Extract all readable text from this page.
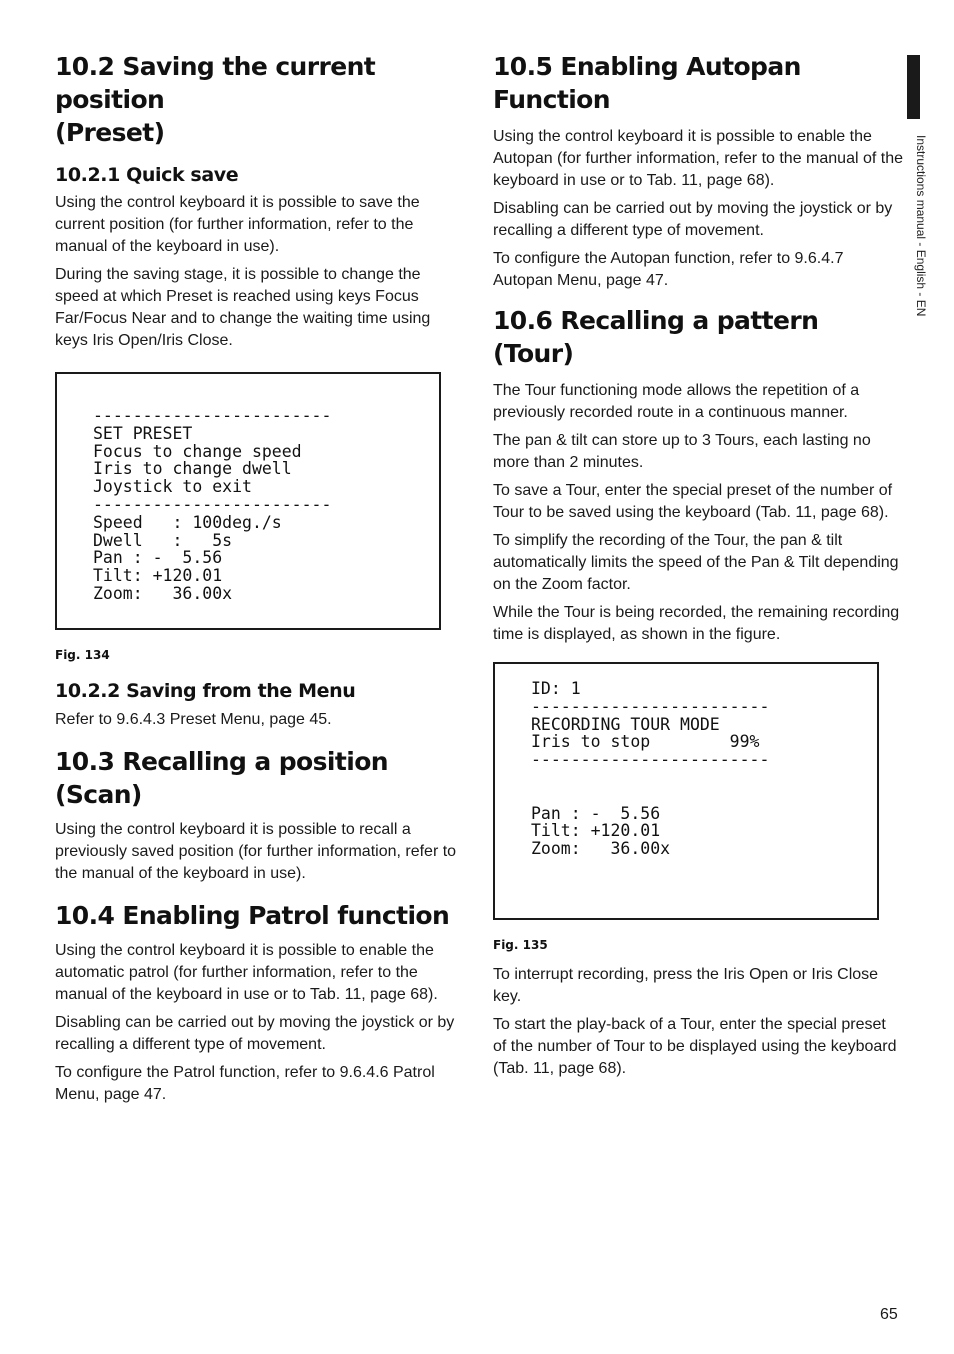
Instructions manual - English - EN
10.2 Saving the current position
(Preset)
10.2.1 Quick save

Using the control keyboard it is possible to save the current position (for further information, refer to the manual of the keyboard in use).

During the saving stage, it is possible to change the speed at which Preset is reached using keys Focus Far/Focus Near and to change the waiting time using keys Iris Open/Iris Close.

------------------------
SET PRESET
Focus to change speed
Iris to change dwell
Joystick to exit
------------------------
Speed   : 100deg./s
Dwell   :   5s
Pan : -  5.56
Tilt: +120.01
Zoom:   36.00x
Fig. 134
10.2.2 Saving from the Menu

Refer to 9.6.4.3 Preset Menu, page 45.

10.3 Recalling a position (Scan)

Using the control keyboard it is possible to recall a previously saved position (for further information, refer to the manual of the keyboard in use).

10.4 Enabling Patrol function

Using the control keyboard it is possible to enable the automatic patrol (for further information, refer to the manual of the keyboard in use or to Tab. 11, page 68).

Disabling can be carried out by moving the joystick or by recalling a different type of movement.

To configure the Patrol function, refer to 9.6.4.6 Patrol Menu, page 47.

10.5 Enabling Autopan Function

Using the control keyboard it is possible to enable the Autopan (for further information, refer to the manual of the keyboard in use or to Tab. 11, page 68).

Disabling can be carried out by moving the joystick or by recalling a different type of movement.

To configure the Autopan function, refer to 9.6.4.7 Autopan Menu, page 47.

10.6 Recalling a pattern (Tour)

The Tour functioning mode allows the repetition of a previously recorded route in a continuous manner.

The pan & tilt can store up to 3 Tours, each lasting no more than 2 minutes.

To save a Tour, enter the special preset of the number of Tour to be saved using the keyboard (Tab. 11, page 68).

To simplify the recording of the Tour, the pan & tilt automatically limits the speed of the Pan & Tilt depending on the Zoom factor.

While the Tour is being recorded, the remaining recording time is displayed, as shown in the figure.

ID: 1
------------------------
RECORDING TOUR MODE
Iris to stop        99%
------------------------
Pan : -  5.56
Tilt: +120.01
Zoom:   36.00x
Fig. 135

To interrupt recording, press the Iris Open or Iris Close key.

To start the play-back of a Tour, enter the special preset of the number of Tour to be displayed using the keyboard (Tab. 11, page 68).

65
